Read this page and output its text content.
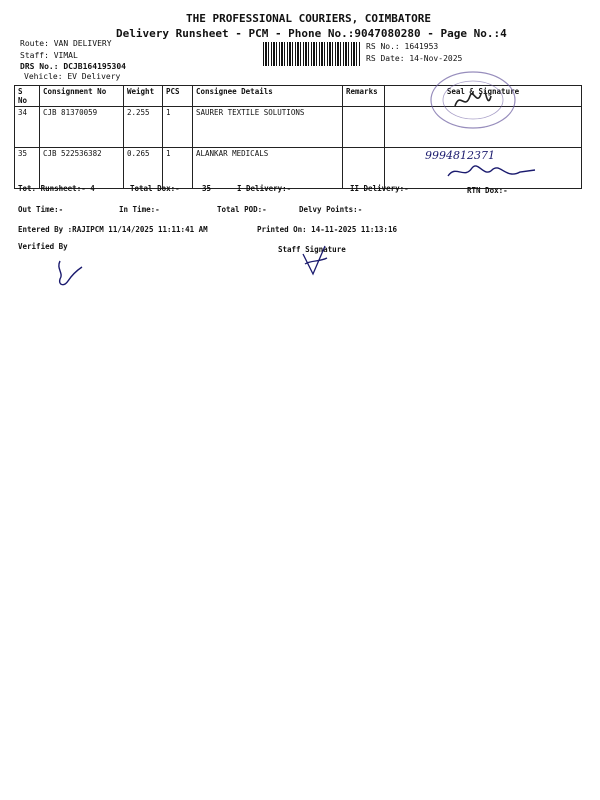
THE PROFESSIONAL COURIERS, COIMBATORE
Delivery Runsheet - PCM - Phone No.:9047080280 - Page No.:4
Route: VAN DELIVERY
Staff: VIMAL
DRS No.: DCJB164195304
Vehicle: EV Delivery
RS No.: 1641953
RS Date: 14-Nov-2025
S No	Consignment No	Weight	PCS	Consignee Details	Remarks	Seal & Signature
34	CJB 81370059	2.255	1	SAURER TEXTILE SOLUTIONS		
35	CJB 522536382	0.265	1	ALANKAR MEDICALS		9994812371
Tot. Runsheet:- 4	Total Dox:-	35	I Delivery:-	II Delivery:-	RTN Dox:-
Out Time:-	In Time:-	Total POD:-	Delvy Points:-
Entered By :RAJIPCM 11/14/2025 11:11:41 AM	Printed On: 14-11-2025 11:13:16
Verified By	Staff Signature
